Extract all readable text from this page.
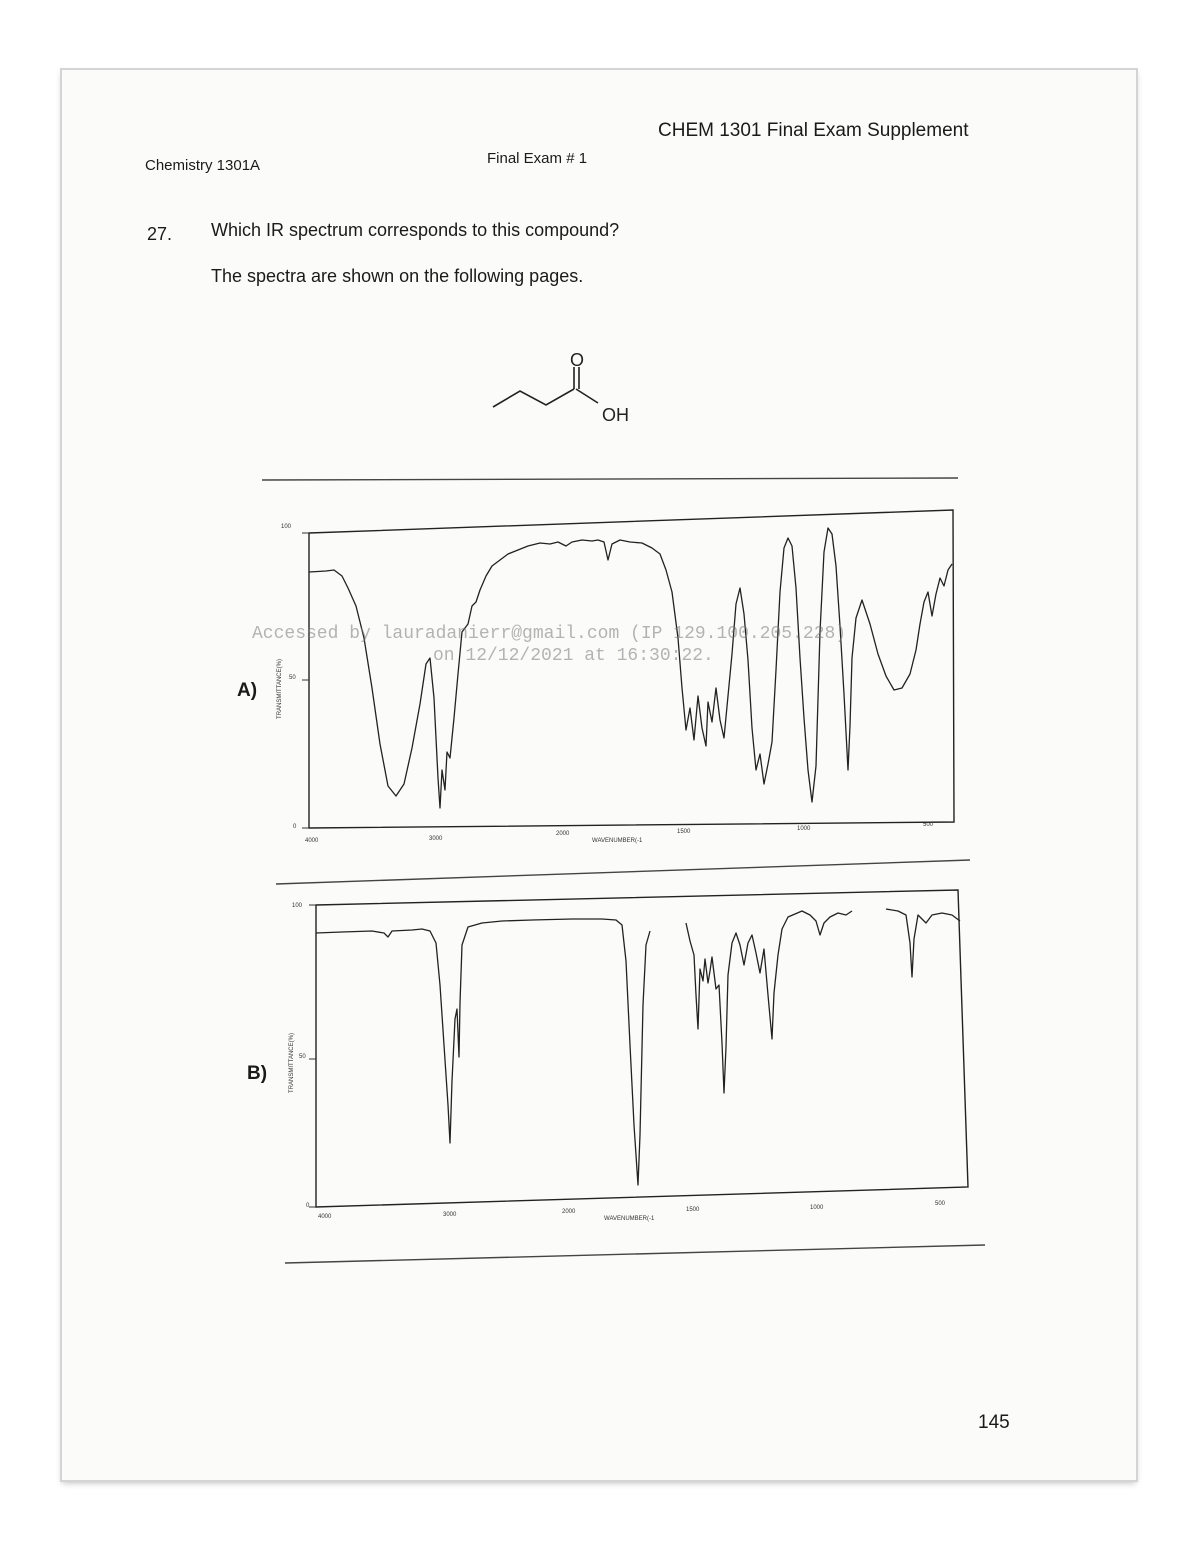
CHEM 1301 Final Exam Supplement
Chemistry 1301A	Final Exam # 1
27. Which IR spectrum corresponds to this compound?
The spectra are shown on the following pages.
O
OH
A)
100
50
0
TRANSMITTANCE(%)
4000	3000
2000	1500	1000
500
WAVENUMBER(-1
Accessed by lauradanierr@gmail.com (IP 129.100.205.228)
on 12/12/2021 at 16:30:22.
B)
100
50
0
TRANSMITTANCE(%)
4000	3000	2000	1500	1000
500
WAVENUMBER(-1
145
